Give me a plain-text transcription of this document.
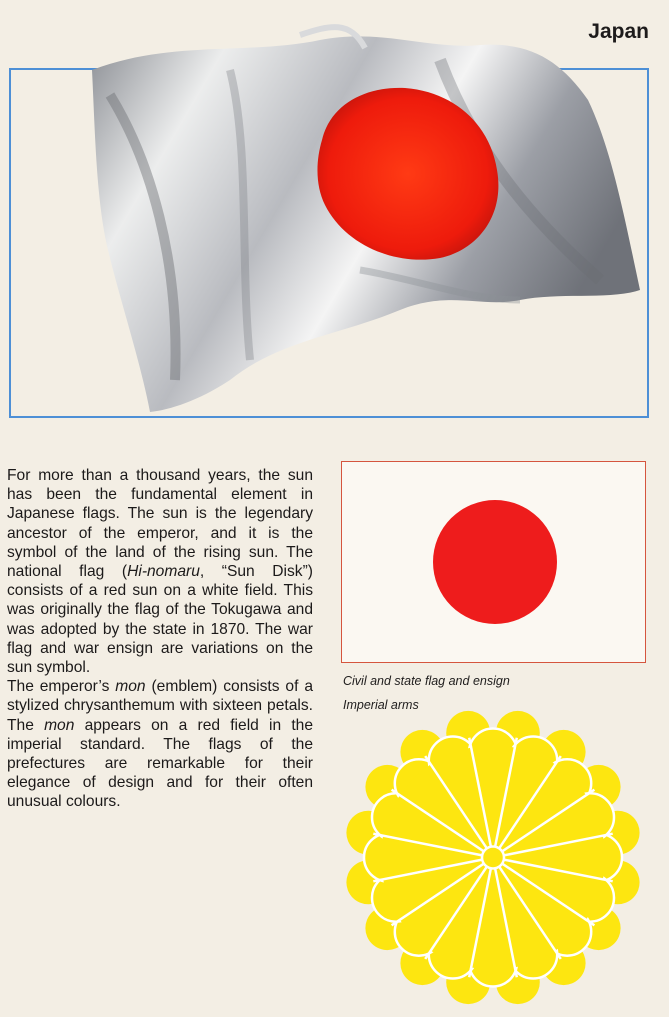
Japan

For more than a thousand years, the sun has been the fundamental element in Japanese flags. The sun is the legendary ancestor of the emperor, and it is the symbol of the land of the rising sun. The national flag (Hi-nomaru, “Sun Disk”) consists of a red sun on a white field. This was originally the flag of the Tokugawa and was adopted by the state in 1870. The war flag and war ensign are variations on the sun symbol.

The emperor’s mon (emblem) consists of a stylized chrysanthemum with sixteen petals. The mon appears on a red field in the imperial standard. The flags of the prefectures are remarkable for their elegance of design and for their often unusual colours.

Civil and state flag and ensign
Imperial arms
